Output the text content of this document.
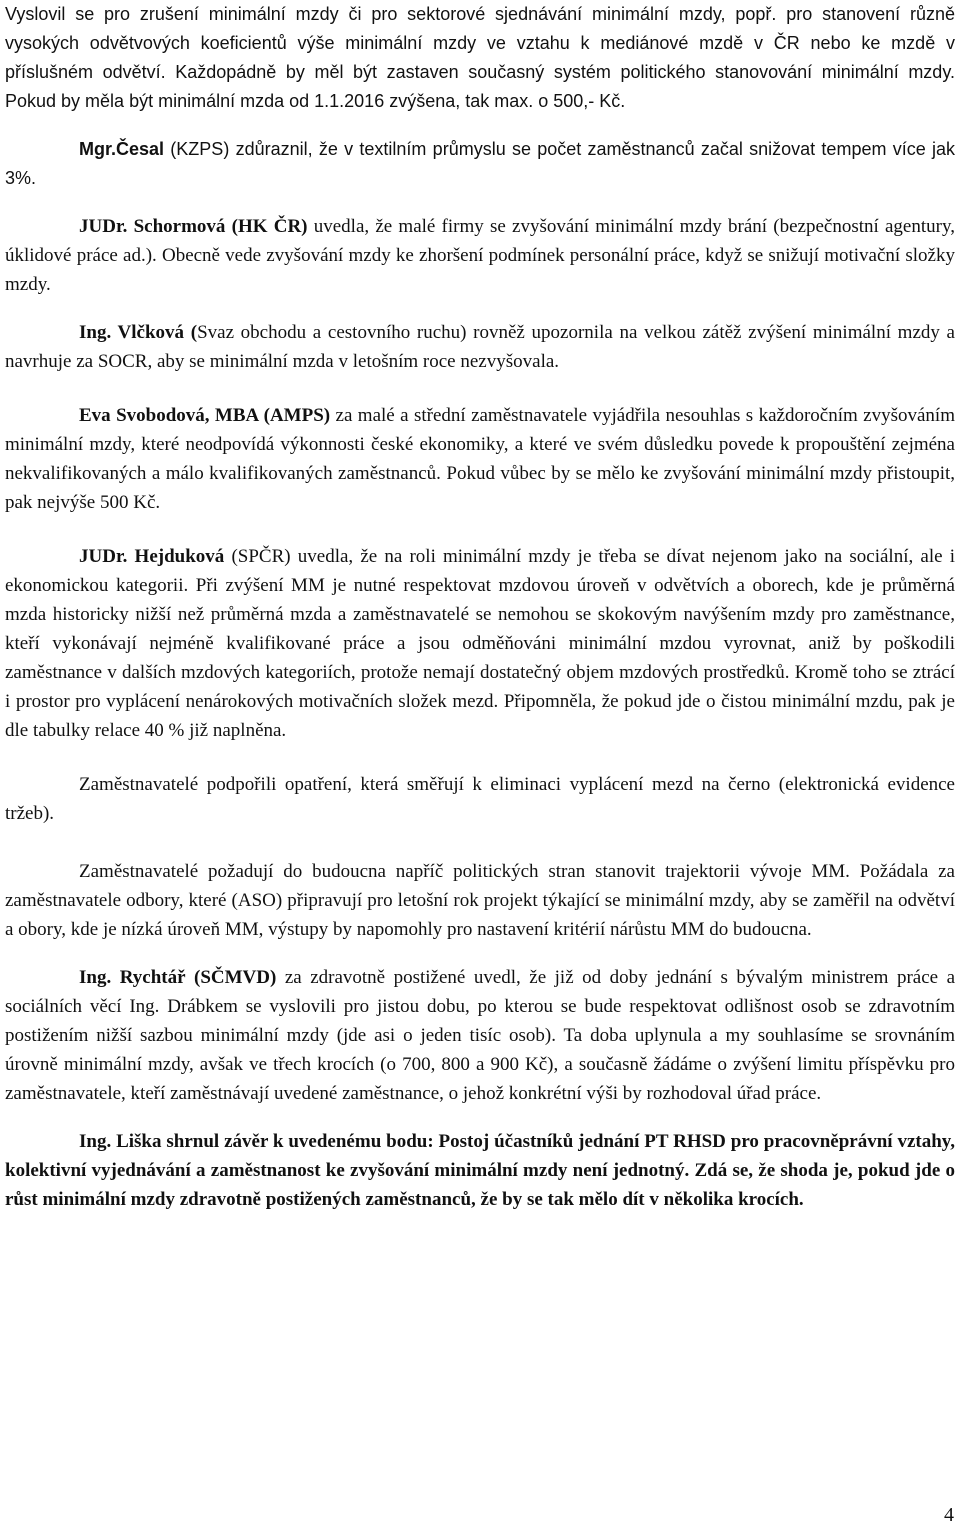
Vyslovil se pro zrušení minimální mzdy či pro sektorové sjednávání minimální mzdy, popř. pro stanovení různě vysokých odvětvových koeficientů výše minimální mzdy ve vztahu k mediánové mzdě v ČR nebo ke mzdě v příslušném odvětví. Každopádně by měl být zastaven současný systém politického stanovování minimální mzdy. Pokud by měla být minimální mzda od 1.1.2016 zvýšena, tak max. o 500,- Kč.

Mgr.Česal (KZPS) zdůraznil, že v textilním průmyslu se počet zaměstnanců začal snižovat tempem více jak 3%.

JUDr. Schormová (HK ČR) uvedla, že malé firmy se zvyšování minimální mzdy brání (bezpečnostní agentury, úklidové práce ad.). Obecně vede zvyšování mzdy ke zhoršení podmínek personální práce, když se snižují motivační složky mzdy.

Ing. Vlčková (Svaz obchodu a cestovního ruchu) rovněž upozornila na velkou zátěž zvýšení minimální mzdy a navrhuje za SOCR, aby se minimální mzda v letošním roce nezvyšovala.

Eva Svobodová, MBA (AMPS) za malé a střední zaměstnavatele vyjádřila nesouhlas s každoročním zvyšováním minimální mzdy, které neodpovídá výkonnosti české ekonomiky, a které ve svém důsledku povede k propouštění zejména nekvalifikovaných a málo kvalifikovaných zaměstnanců. Pokud vůbec by se mělo ke zvyšování minimální mzdy přistoupit, pak nejvýše 500 Kč.

JUDr. Hejduková (SPČR) uvedla, že na roli minimální mzdy je třeba se dívat nejenom jako na sociální, ale i ekonomickou kategorii. Při zvýšení MM je nutné respektovat mzdovou úroveň v odvětvích a oborech, kde je průměrná mzda historicky nižší než průměrná mzda a zaměstnavatelé se nemohou se skokovým navýšením mzdy pro zaměstnance, kteří vykonávají nejméně kvalifikované práce a jsou odměňováni minimální mzdou vyrovnat, aniž by poškodili zaměstnance v dalších mzdových kategoriích, protože nemají dostatečný objem mzdových prostředků. Kromě toho se ztrácí i prostor pro vyplácení nenárokových motivačních složek mezd. Připomněla, že pokud jde o čistou minimální mzdu, pak je dle tabulky relace 40 % již naplněna.

Zaměstnavatelé podpořili opatření, která směřují k eliminaci vyplácení mezd na černo (elektronická evidence tržeb).

Zaměstnavatelé požadují do budoucna napříč politických stran stanovit trajektorii vývoje MM. Požádala za zaměstnavatele odbory, které (ASO) připravují pro letošní rok projekt týkající se minimální mzdy, aby se zaměřil na odvětví a obory, kde je nízká úroveň MM, výstupy by napomohly pro nastavení kritérií nárůstu MM do budoucna.

Ing. Rychtář (SČMVD) za zdravotně postižené uvedl, že již od doby jednání s bývalým ministrem práce a sociálních věcí Ing. Drábkem se vyslovili pro jistou dobu, po kterou se bude respektovat odlišnost osob se zdravotním postižením nižší sazbou minimální mzdy (jde asi o jeden tisíc osob). Ta doba uplynula a my souhlasíme se srovnáním úrovně minimální mzdy, avšak ve třech krocích (o 700, 800 a 900 Kč), a současně žádáme o zvýšení limitu příspěvku pro zaměstnavatele, kteří zaměstnávají uvedené zaměstnance, o jehož konkrétní výši by rozhodoval úřad práce.

Ing. Liška shrnul závěr k uvedenému bodu: Postoj účastníků jednání PT RHSD pro pracovněprávní vztahy, kolektivní vyjednávání a zaměstnanost ke zvyšování minimální mzdy není jednotný. Zdá se, že shoda je, pokud jde o růst minimální mzdy zdravotně postižených zaměstnanců, že by se tak mělo dít v několika krocích.

4
